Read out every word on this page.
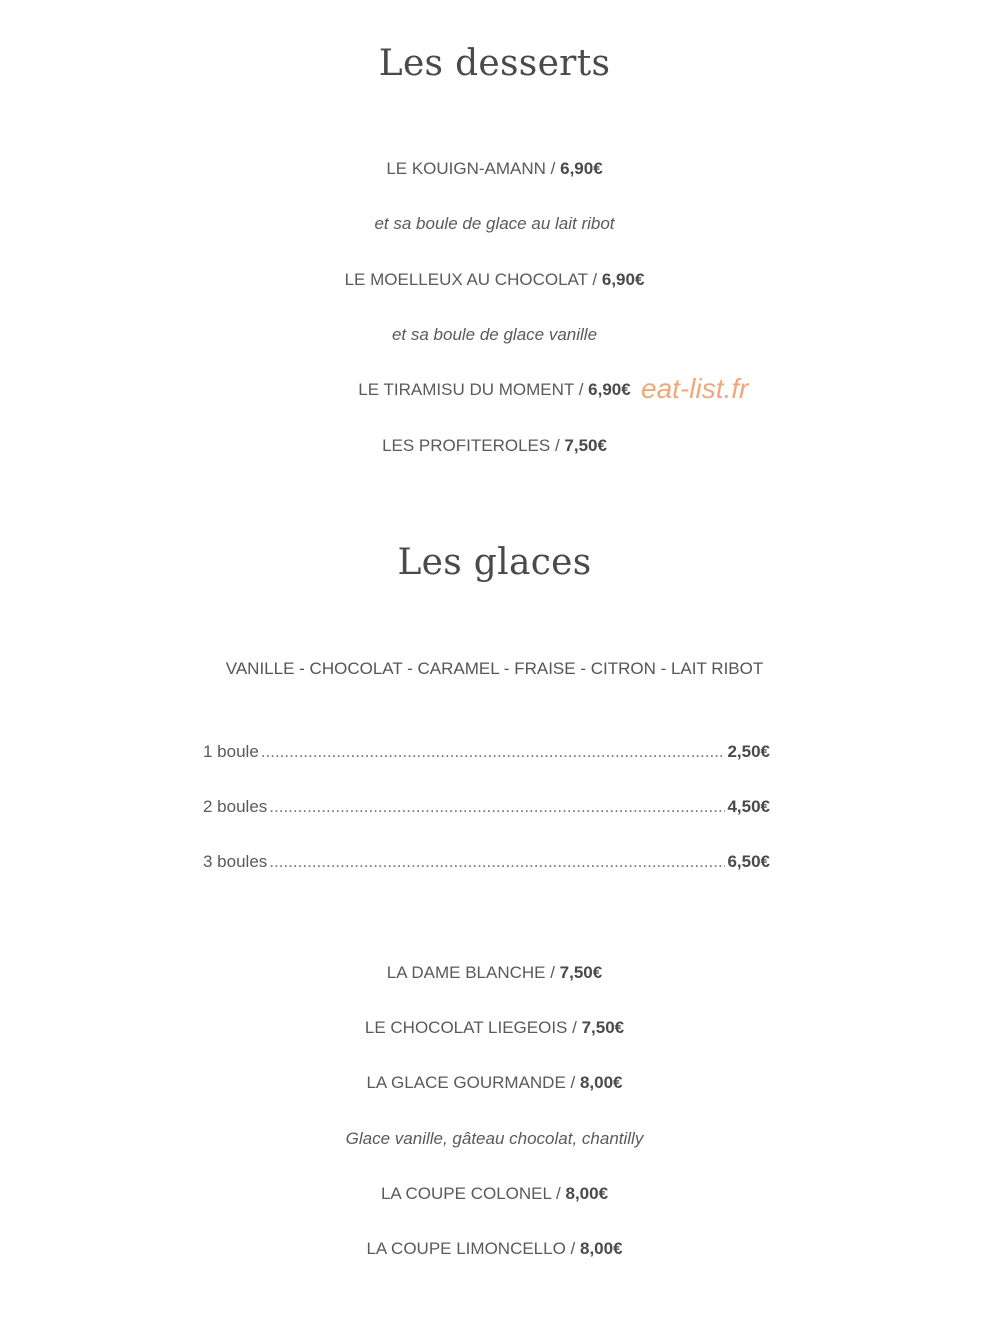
Les desserts
LE KOUIGN-AMANN / 6,90€
et sa boule de glace au lait ribot
LE MOELLEUX AU CHOCOLAT / 6,90€
et sa boule de glace vanille
LE TIRAMISU DU MOMENT / 6,90€ eat-list.fr
LES PROFITEROLES / 7,50€
Les glaces
VANILLE - CHOCOLAT - CARAMEL - FRAISE - CITRON - LAIT RIBOT
1 boule .....	2,50€
2 boules .....	4,50€
3 boules .....	6,50€
LA DAME BLANCHE / 7,50€
LE CHOCOLAT LIEGEOIS / 7,50€
LA GLACE GOURMANDE / 8,00€
Glace vanille, gâteau chocolat, chantilly
LA COUPE COLONEL / 8,00€
LA COUPE LIMONCELLO / 8,00€
